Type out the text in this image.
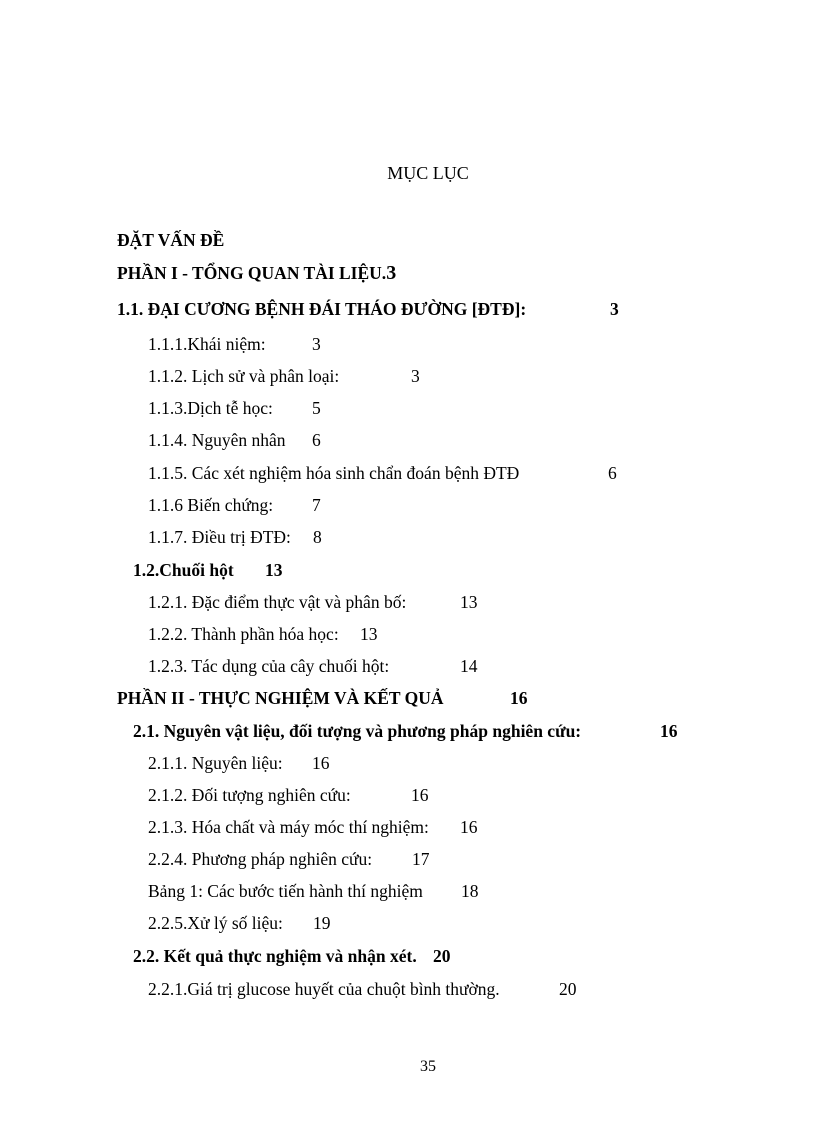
MỤC LỤC
ĐẶT VẤN ĐỀ
PHẦN I - TỔNG QUAN TÀI LIỆU.3
1.1. ĐẠI CƯƠNG BỆNH ĐÁI THÁO ĐƯỜNG [ĐTĐ]:	3
1.1.1.Khái niệm:	3
1.1.2. Lịch sử và phân loại:	3
1.1.3.Dịch tễ học: 5
1.1.4. Nguyên nhân 6
1.1.5. Các xét nghiệm hóa sinh chẩn đoán bệnh ĐTĐ	6
1.1.6 Biến chứng: 7
1.1.7. Điều trị ĐTĐ: 8
1.2.Chuối hột 13
1.2.1. Đặc điểm thực vật và phân bố:	13
1.2.2. Thành phần hóa học: 13
1.2.3. Tác dụng của cây chuối hột:	14
PHẦN II - THỰC NGHIỆM VÀ KẾT QUẢ	16
2.1. Nguyên vật liệu, đối tượng và phương pháp nghiên cứu:	16
2.1.1. Nguyên liệu: 16
2.1.2. Đối tượng nghiên cứu:	16
2.1.3. Hóa chất và máy móc thí nghiệm: 16
2.2.4. Phương pháp nghiên cứu: 17
Bảng 1: Các bước tiến hành thí nghiệm 18
2.2.5.Xử lý số liệu: 19
2.2. Kết quả thực nghiệm và nhận xét. 20
2.2.1.Giá trị glucose huyết của chuột bình thường.	20
35
